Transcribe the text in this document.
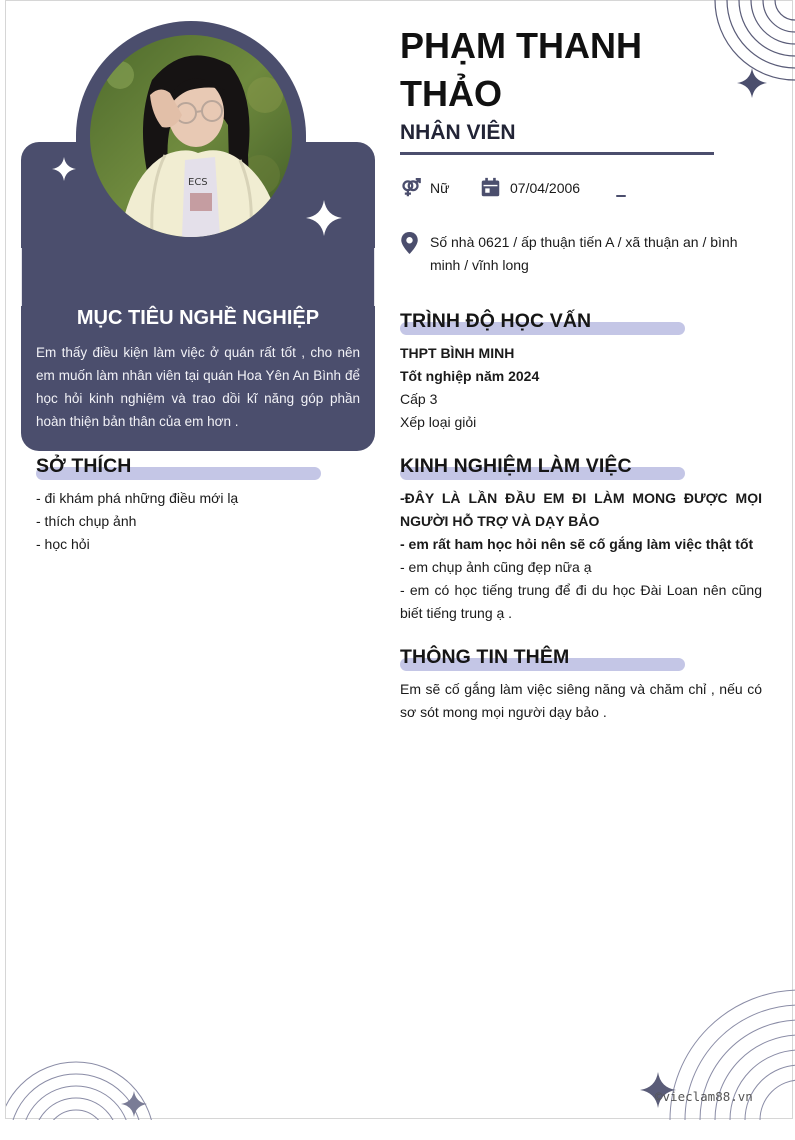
ECS
MỤC TIÊU NGHỀ NGHIỆP

Em thấy điều kiện làm việc ở quán rất tốt , cho nên em muốn làm nhân viên tại quán Hoa Yên An Bình để học hỏi kinh nghiệm và trao dồi kĩ năng góp phần hoàn thiện bản thân của em hơn .

SỞ THÍCH

- đi khám phá những điều mới lạ

- thích chụp ảnh

- học hỏi

PHẠM THANH THẢO
NHÂN VIÊN
Nữ	07/04/2006

Số nhà 0621 / ấp thuận tiến A / xã thuận an / bình minh / vĩnh long

TRÌNH ĐỘ HỌC VẤN

THPT BÌNH MINH

Tốt nghiệp năm 2024

Cấp 3

Xếp loại giỏi

KINH NGHIỆM LÀM VIỆC

-ĐÂY LÀ LẦN ĐẦU EM ĐI LÀM MONG ĐƯỢC MỌI NGƯỜI HỖ TRỢ VÀ DẠY BẢO

- em rất ham học hỏi nên sẽ cố gắng làm việc thật tốt

- em chụp ảnh cũng đẹp nữa ạ

- em có học tiếng trung để đi du học Đài Loan nên cũng biết tiếng trung ạ .

THÔNG TIN THÊM

Em sẽ cố gắng làm việc siêng năng và chăm chỉ , nếu có sơ sót mong mọi người dạy bảo .

©vieclam88.vn
